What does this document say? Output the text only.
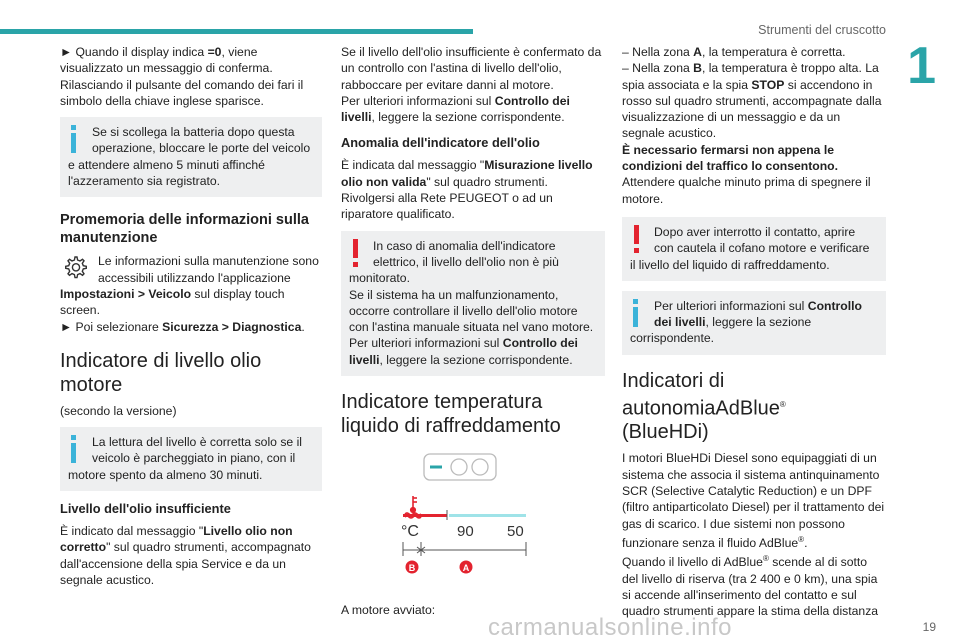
Strumenti del cruscotto
1
19
carmanualsonline.info

► Quando il display indica =0, viene visualizzato un messaggio di conferma. Rilasciando il pulsante del comando dei fari il simbolo della chiave inglese sparisce.

Se si scollega la batteria dopo questa operazione, bloccare le porte del veicolo e attendere almeno 5 minuti affinché l'azzeramento sia registrato.
Promemoria delle informazioni sulla manutenzione

Le informazioni sulla manutenzione sono accessibili utilizzando l'applicazione Impostazioni > Veicolo sul display touch screen.
► Poi selezionare Sicurezza > Diagnostica.

Indicatore di livello olio motore

(secondo la versione)

La lettura del livello è corretta solo se il veicolo è parcheggiato in piano, con il motore spento da almeno 30 minuti.
Livello dell'olio insufficiente

È indicato dal messaggio "Livello olio non corretto" sul quadro strumenti, accompagnato dall'accensione della spia Service e da un segnale acustico.

Se il livello dell'olio insufficiente è confermato da un controllo con l'astina di livello dell'olio, rabboccare per evitare danni al motore.

Per ulteriori informazioni sul Controllo dei livelli, leggere la sezione corrispondente.

Anomalia dell'indicatore dell'olio

È indicata dal messaggio "Misurazione livello olio non valida" sul quadro strumenti.
Rivolgersi alla Rete PEUGEOT o ad un riparatore qualificato.

In caso di anomalia dell'indicatore elettrico, il livello dell'olio non è più monitorato.
Se il sistema ha un malfunzionamento, occorre controllare il livello dell'olio motore con l'astina manuale situata nel vano motore.
Per ulteriori informazioni sul Controllo dei livelli, leggere la sezione corrispondente.
Indicatore temperatura liquido di raffreddamento
°C	90 50
B	A

A motore avviato:

– Nella zona A, la temperatura è corretta.
– Nella zona B, la temperatura è troppo alta. La spia associata e la spia STOP si accendono in rosso sul quadro strumenti, accompagnate dalla visualizzazione di un messaggio e da un segnale acustico.
È necessario fermarsi non appena le condizioni del traffico lo consentono.
Attendere qualche minuto prima di spegnere il motore.

Dopo aver interrotto il contatto, aprire con cautela il cofano motore e verificare il livello del liquido di raffreddamento.
Per ulteriori informazioni sul Controllo dei livelli, leggere la sezione corrispondente.
Indicatori di autonomiaAdBlue®
(BlueHDi)

I motori BlueHDi Diesel sono equipaggiati di un sistema che associa il sistema antinquinamento SCR (Selective Catalytic Reduction) e un DPF (filtro antiparticolato Diesel) per il trattamento dei gas di scarico. I due sistemi non possono funzionare senza il fluido AdBlue®.
Quando il livello di AdBlue® scende al di sotto del livello di riserva (tra 2 400 e 0 km), una spia si accende all'inserimento del contatto e sul quadro strumenti appare la stima della distanza
